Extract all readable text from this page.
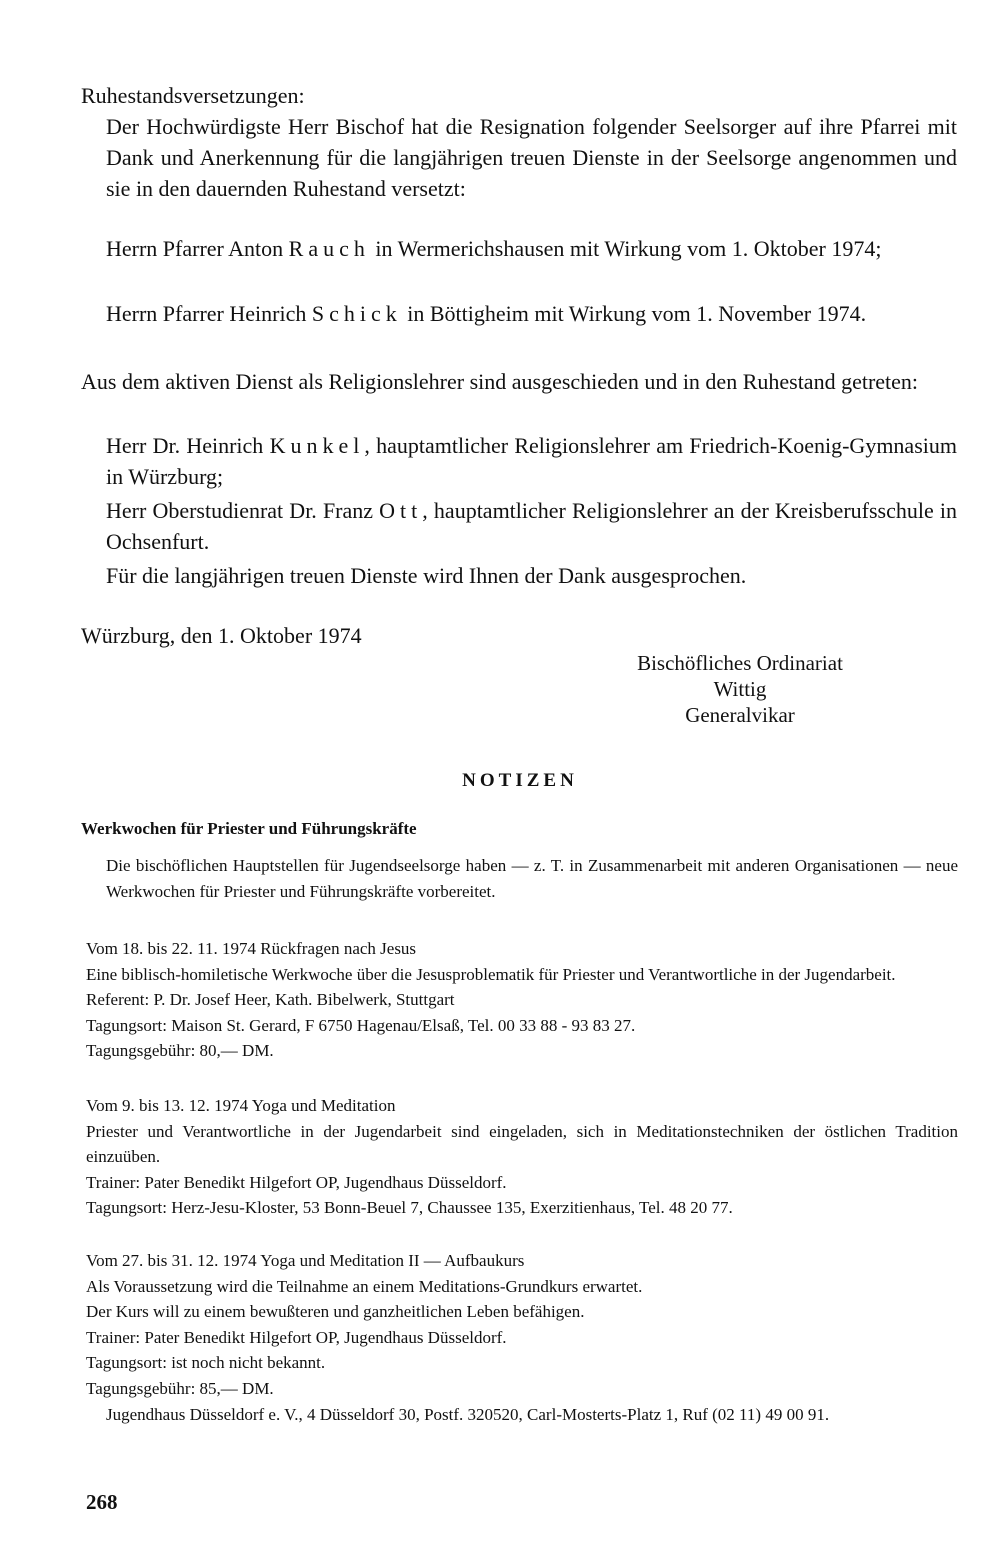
Ruhestandsversetzungen:

Der Hochwürdigste Herr Bischof hat die Resignation folgender Seelsorger auf ihre Pfarrei mit Dank und Anerkennung für die langjährigen treuen Dienste in der Seelsorge angenommen und sie in den dauernden Ruhestand versetzt:

Herrn Pfarrer Anton Rauch in Wermerichshausen mit Wirkung vom 1. Oktober 1974;

Herrn Pfarrer Heinrich Schick in Böttigheim mit Wirkung vom 1. November 1974.

Aus dem aktiven Dienst als Religionslehrer sind ausgeschieden und in den Ruhestand getreten:

Herr Dr. Heinrich Kunkel, hauptamtlicher Religionslehrer am Friedrich-Koenig-Gymnasium in Würzburg;

Herr Oberstudienrat Dr. Franz Ott, hauptamtlicher Religionslehrer an der Kreisberufsschule in Ochsenfurt.

Für die langjährigen treuen Dienste wird Ihnen der Dank ausgesprochen.

Würzburg, den 1. Oktober 1974
Bischöfliches Ordinariat
Wittig
Generalvikar
NOTIZEN
Werkwochen für Priester und Führungskräfte

Die bischöflichen Hauptstellen für Jugendseelsorge haben — z. T. in Zusammenarbeit mit anderen Organisationen — neue Werkwochen für Priester und Führungskräfte vorbereitet.

Vom 18. bis 22. 11. 1974 Rückfragen nach Jesus
Eine biblisch-homiletische Werkwoche über die Jesusproblematik für Priester und Verantwortliche in der Jugendarbeit.
Referent: P. Dr. Josef Heer, Kath. Bibelwerk, Stuttgart
Tagungsort: Maison St. Gerard, F 6750 Hagenau/Elsaß, Tel. 00 33 88 - 93 83 27.
Tagungsgebühr: 80,— DM.
Vom 9. bis 13. 12. 1974 Yoga und Meditation
Priester und Verantwortliche in der Jugendarbeit sind eingeladen, sich in Meditationstechniken der östlichen Tradition einzuüben.
Trainer: Pater Benedikt Hilgefort OP, Jugendhaus Düsseldorf.
Tagungsort: Herz-Jesu-Kloster, 53 Bonn-Beuel 7, Chaussee 135, Exerzitienhaus, Tel. 48 20 77.
Vom 27. bis 31. 12. 1974 Yoga und Meditation II — Aufbaukurs
Als Voraussetzung wird die Teilnahme an einem Meditations-Grundkurs erwartet.
Der Kurs will zu einem bewußteren und ganzheitlichen Leben befähigen.
Trainer: Pater Benedikt Hilgefort OP, Jugendhaus Düsseldorf.
Tagungsort: ist noch nicht bekannt.
Tagungsgebühr: 85,— DM.

Jugendhaus Düsseldorf e. V., 4 Düsseldorf 30, Postf. 320520, Carl-Mosterts-Platz 1, Ruf (02 11) 49 00 91.

268
